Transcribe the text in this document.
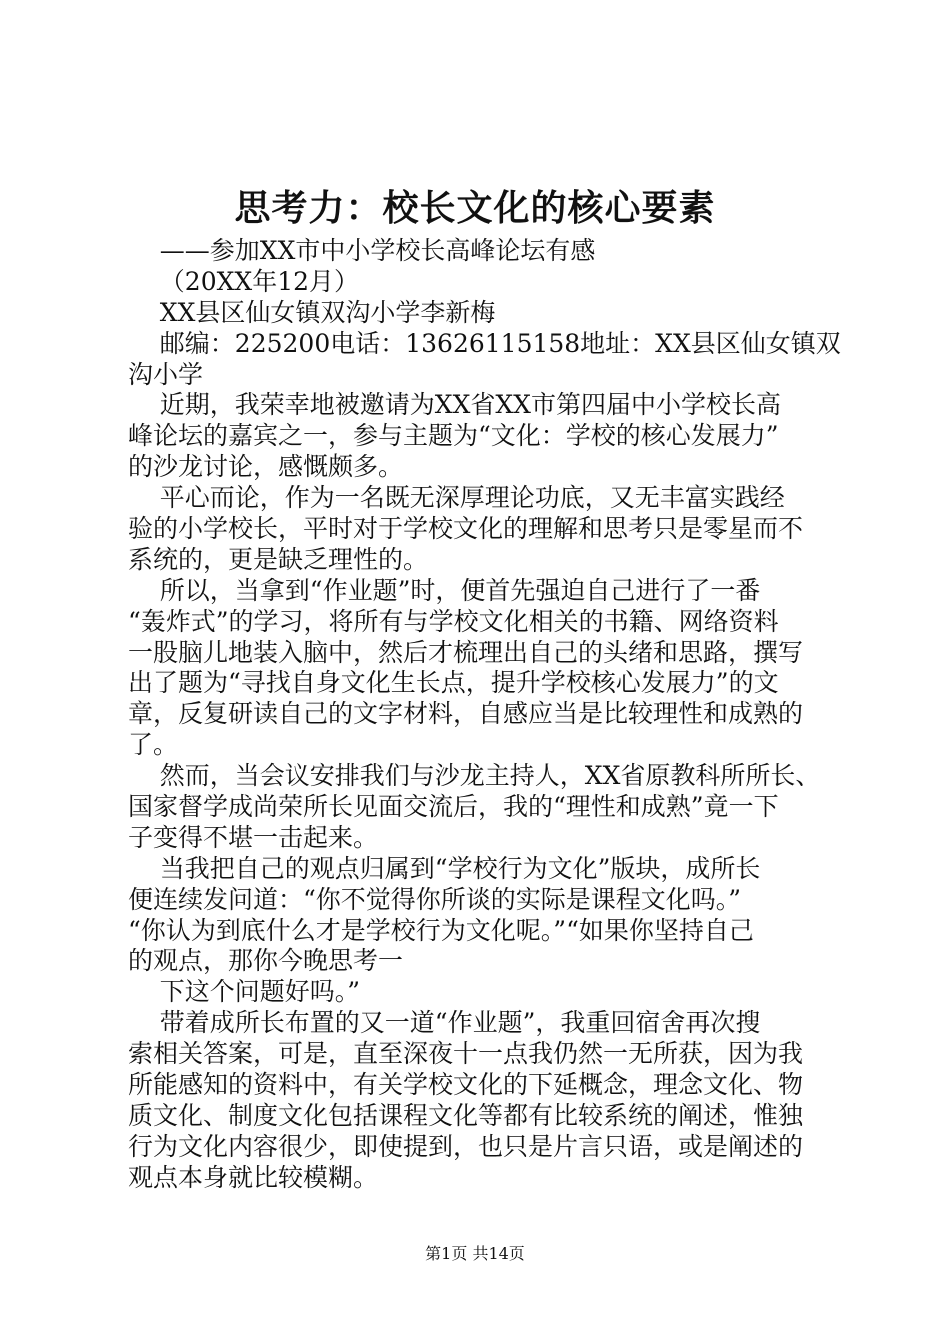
思考力：校长文化的核心要素
——参加XX市中小学校长高峰论坛有感
（20XX年12月）
XX县区仙女镇双沟小学李新梅
邮编：225200电话：13626115158地址：XX县区仙女镇双
沟小学
近期，我荣幸地被邀请为XX省XX市第四届中小学校长高
峰论坛的嘉宾之一，参与主题为“文化：学校的核心发展力”
的沙龙讨论，感慨颇多。
平心而论，作为一名既无深厚理论功底，又无丰富实践经
验的小学校长，平时对于学校文化的理解和思考只是零星而不
系统的，更是缺乏理性的。
所以，当拿到“作业题”时，便首先强迫自己进行了一番
“轰炸式”的学习，将所有与学校文化相关的书籍、网络资料
一股脑儿地装入脑中，然后才梳理出自己的头绪和思路，撰写
出了题为“寻找自身文化生长点，提升学校核心发展力”的文
章，反复研读自己的文字材料，自感应当是比较理性和成熟的
了。
然而，当会议安排我们与沙龙主持人，XX省原教科所所长、
国家督学成尚荣所长见面交流后，我的“理性和成熟”竟一下
子变得不堪一击起来。
当我把自己的观点归属到“学校行为文化”版块，成所长
便连续发问道：“你不觉得你所谈的实际是课程文化吗。”
“你认为到底什么才是学校行为文化呢。”“如果你坚持自己
的观点，那你今晚思考一
下这个问题好吗。”
带着成所长布置的又一道“作业题”，我重回宿舍再次搜
索相关答案，可是，直至深夜十一点我仍然一无所获，因为我
所能感知的资料中，有关学校文化的下延概念，理念文化、物
质文化、制度文化包括课程文化等都有比较系统的阐述，惟独
行为文化内容很少，即使提到，也只是片言只语，或是阐述的
观点本身就比较模糊。
第1页 共14页
